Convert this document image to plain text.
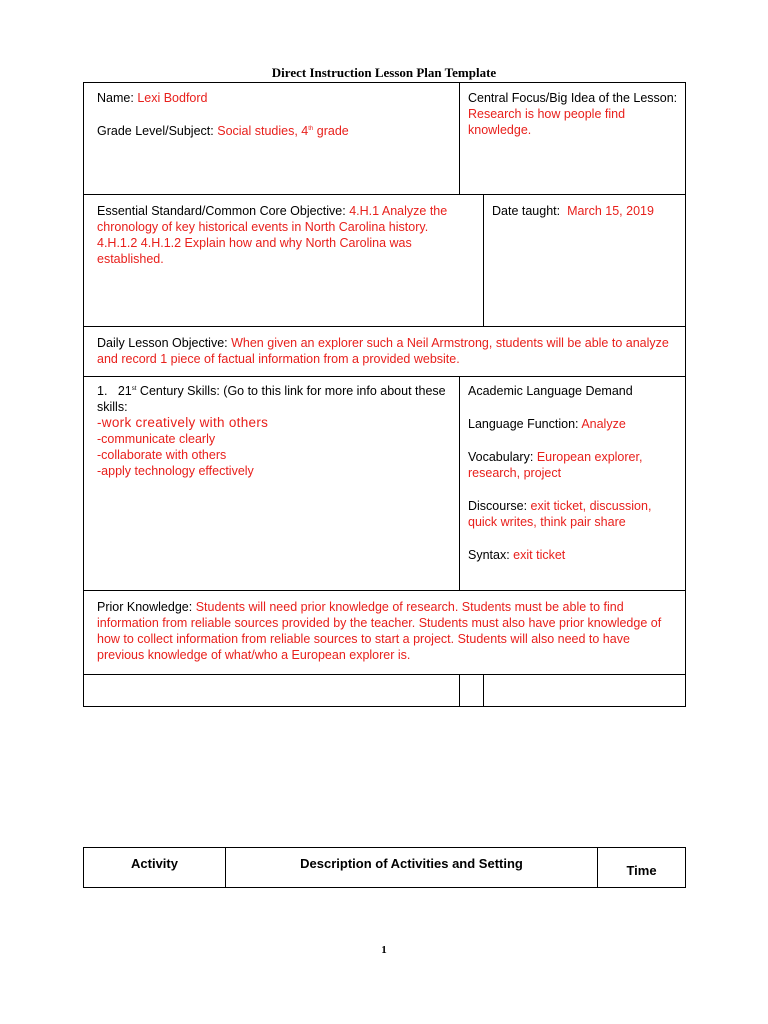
Direct Instruction Lesson Plan Template

Name: Lexi Bodford

Grade Level/Subject: Social studies, 4th grade

Central Focus/Big Idea of the Lesson:

Research is how people find knowledge.

Essential Standard/Common Core Objective: 4.H.1 Analyze the chronology of key historical events in North Carolina history.

4.H.1.2 4.H.1.2 Explain how and why North Carolina was established.

Date taught: March 15, 2019

Daily Lesson Objective: When given an explorer such a Neil Armstrong, students will be able to analyze and record 1 piece of factual information from a provided website.

1. 21st Century Skills: (Go to this link for more info about these skills:

-work creatively with others

-communicate clearly

-collaborate with others

-apply technology effectively

Academic Language Demand

Language Function: Analyze

Vocabulary: European explorer, research, project

Discourse: exit ticket, discussion, quick writes, think pair share

Syntax: exit ticket

Prior Knowledge: Students will need prior knowledge of research. Students must be able to find information from reliable sources provided by the teacher. Students must also have prior knowledge of how to collect information from reliable sources to start a project. Students will also need to have previous knowledge of what/who a European explorer is.

Activity	Description of Activities and Setting	Time
1
